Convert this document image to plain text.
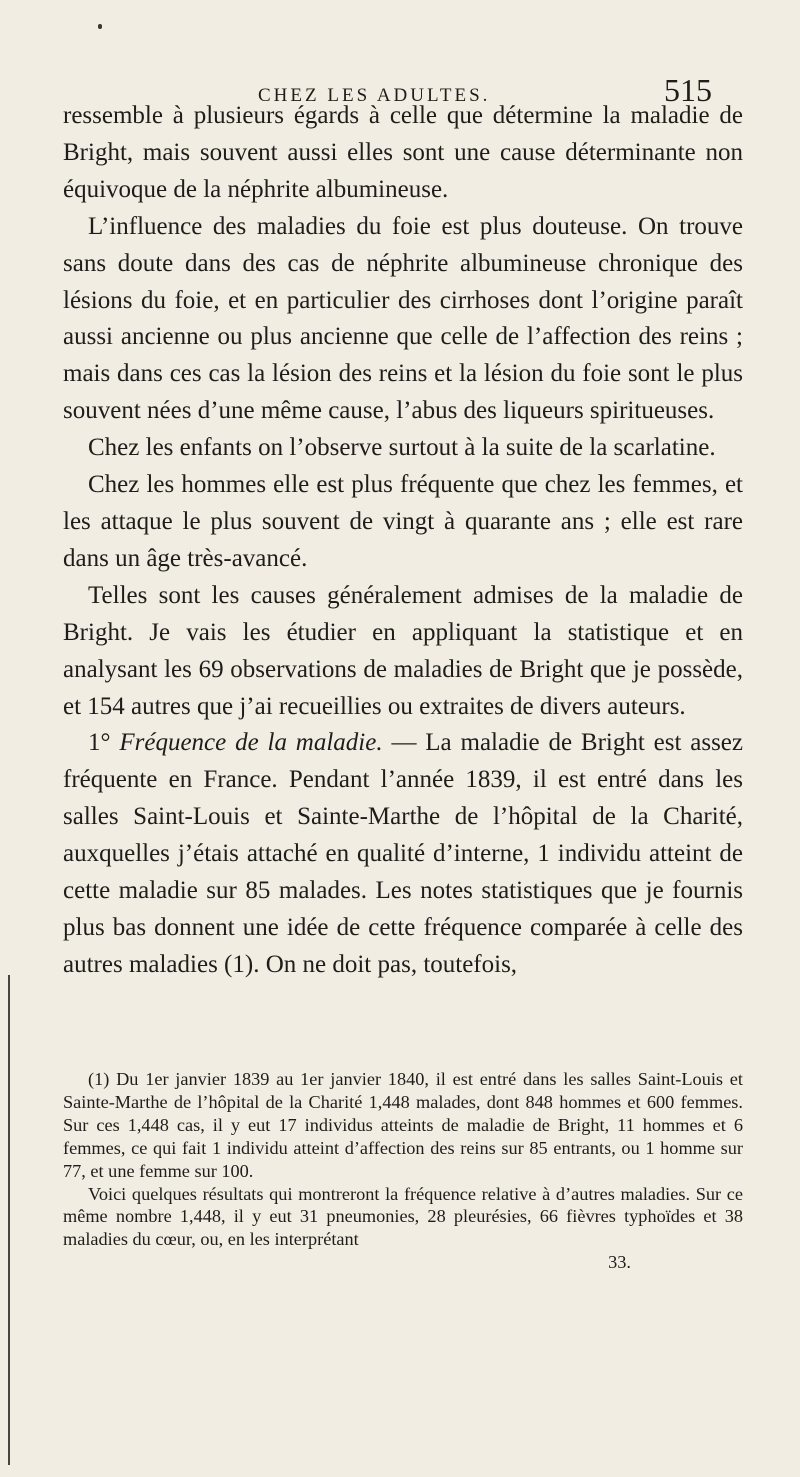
CHEZ LES ADULTES.	515

ressemble à plusieurs égards à celle que détermine la maladie de Bright, mais souvent aussi elles sont une cause déterminante non équivoque de la néphrite albumineuse.

L’influence des maladies du foie est plus douteuse. On trouve sans doute dans des cas de néphrite albumineuse chronique des lésions du foie, et en particulier des cirrhoses dont l’origine paraît aussi ancienne ou plus ancienne que celle de l’affection des reins ; mais dans ces cas la lésion des reins et la lésion du foie sont le plus souvent nées d’une même cause, l’abus des liqueurs spiritueuses.

Chez les enfants on l’observe surtout à la suite de la scarlatine.

Chez les hommes elle est plus fréquente que chez les femmes, et les attaque le plus souvent de vingt à quarante ans ; elle est rare dans un âge très-avancé.

Telles sont les causes généralement admises de la maladie de Bright. Je vais les étudier en appliquant la statistique et en analysant les 69 observations de maladies de Bright que je possède, et 154 autres que j’ai recueillies ou extraites de divers auteurs.

1° Fréquence de la maladie. — La maladie de Bright est assez fréquente en France. Pendant l’année 1839, il est entré dans les salles Saint-Louis et Sainte-Marthe de l’hôpital de la Charité, auxquelles j’étais attaché en qualité d’interne, 1 individu atteint de cette maladie sur 85 malades. Les notes statistiques que je fournis plus bas donnent une idée de cette fréquence comparée à celle des autres maladies (1). On ne doit pas, toutefois,

(1) Du 1er janvier 1839 au 1er janvier 1840, il est entré dans les salles Saint-Louis et Sainte-Marthe de l’hôpital de la Charité 1,448 malades, dont 848 hommes et 600 femmes. Sur ces 1,448 cas, il y eut 17 individus atteints de maladie de Bright, 11 hommes et 6 femmes, ce qui fait 1 individu atteint d’affection des reins sur 85 entrants, ou 1 homme sur 77, et une femme sur 100.

Voici quelques résultats qui montreront la fréquence relative à d’autres maladies. Sur ce même nombre 1,448, il y eut 31 pneumonies, 28 pleurésies, 66 fièvres typhoïdes et 38 maladies du cœur, ou, en les interprétant

33.
